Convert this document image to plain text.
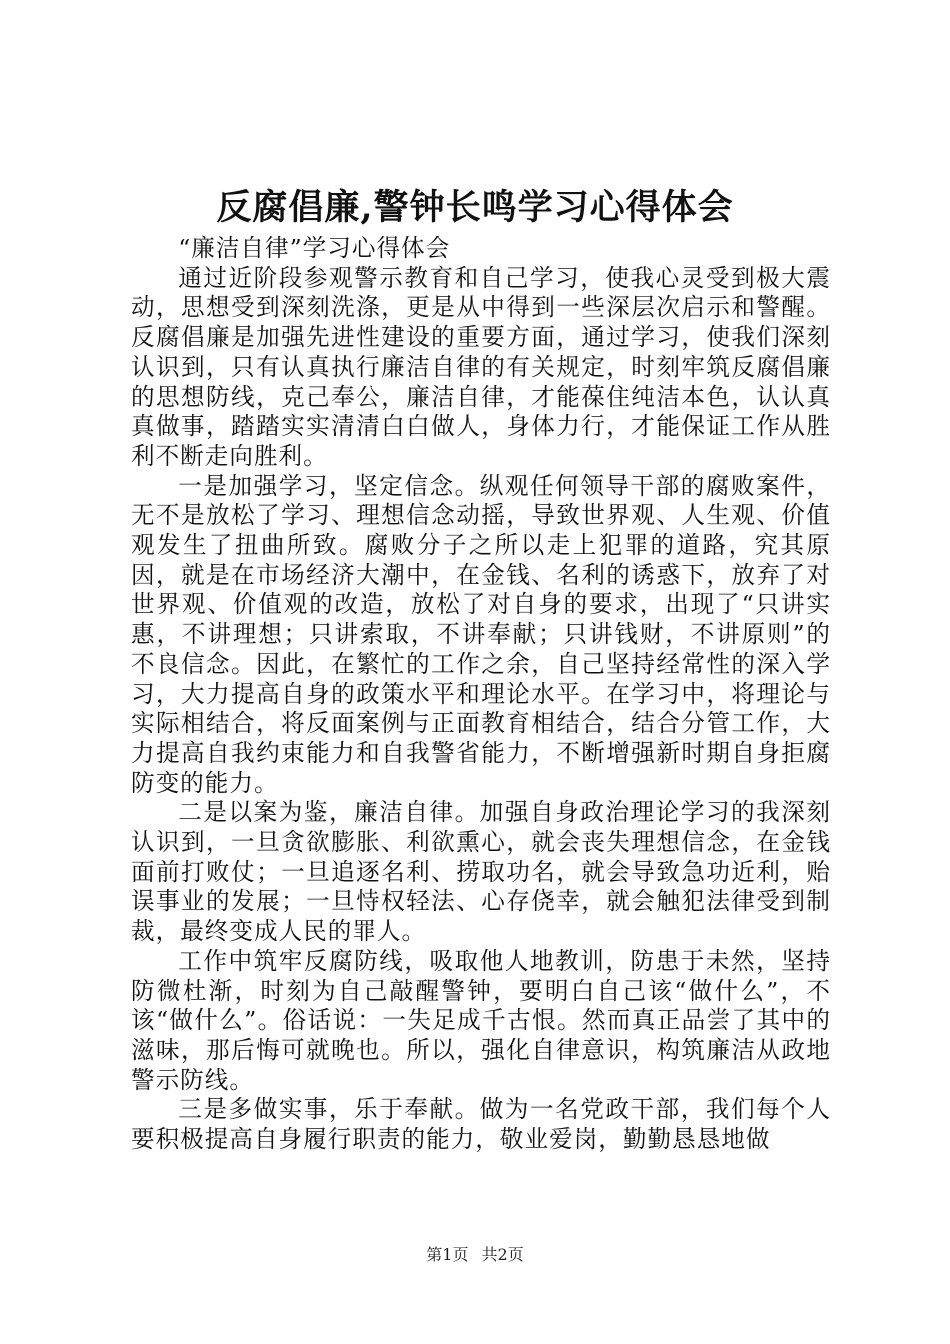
反腐倡廉,警钟长鸣学习心得体会

“廉洁自律”学习心得体会

通过近阶段参观警示教育和自己学习，使我心灵受到极大震动，思想受到深刻洗涤，更是从中得到一些深层次启示和警醒。反腐倡廉是加强先进性建设的重要方面，通过学习，使我们深刻认识到，只有认真执行廉洁自律的有关规定，时刻牢筑反腐倡廉的思想防线，克己奉公，廉洁自律，才能葆住纯洁本色，认认真真做事，踏踏实实清清白白做人，身体力行，才能保证工作从胜利不断走向胜利。

一是加强学习，坚定信念。纵观任何领导干部的腐败案件，无不是放松了学习、理想信念动摇，导致世界观、人生观、价值观发生了扭曲所致。腐败分子之所以走上犯罪的道路，究其原因，就是在市场经济大潮中，在金钱、名利的诱惑下，放弃了对世界观、价值观的改造，放松了对自身的要求，出现了“只讲实惠，不讲理想；只讲索取，不讲奉献；只讲钱财，不讲原则”的不良信念。因此，在繁忙的工作之余，自己坚持经常性的深入学习，大力提高自身的政策水平和理论水平。在学习中，将理论与实际相结合，将反面案例与正面教育相结合，结合分管工作，大力提高自我约束能力和自我警省能力，不断增强新时期自身拒腐防变的能力。

二是以案为鉴，廉洁自律。加强自身政治理论学习的我深刻认识到，一旦贪欲膨胀、利欲熏心，就会丧失理想信念，在金钱面前打败仗；一旦追逐名利、捞取功名，就会导致急功近利，贻误事业的发展；一旦恃权轻法、心存侥幸，就会触犯法律受到制裁，最终变成人民的罪人。

工作中筑牢反腐防线，吸取他人地教训，防患于未然，坚持防微杜渐，时刻为自己敲醒警钟，要明白自己该“做什么”，不该“做什么”。俗话说：一失足成千古恨。然而真正品尝了其中的滋味，那后悔可就晚也。所以，强化自律意识，构筑廉洁从政地警示防线。

三是多做实事，乐于奉献。做为一名党政干部，我们每个人要积极提高自身履行职责的能力，敬业爱岗，勤勤恳恳地做

第1页 共2页
